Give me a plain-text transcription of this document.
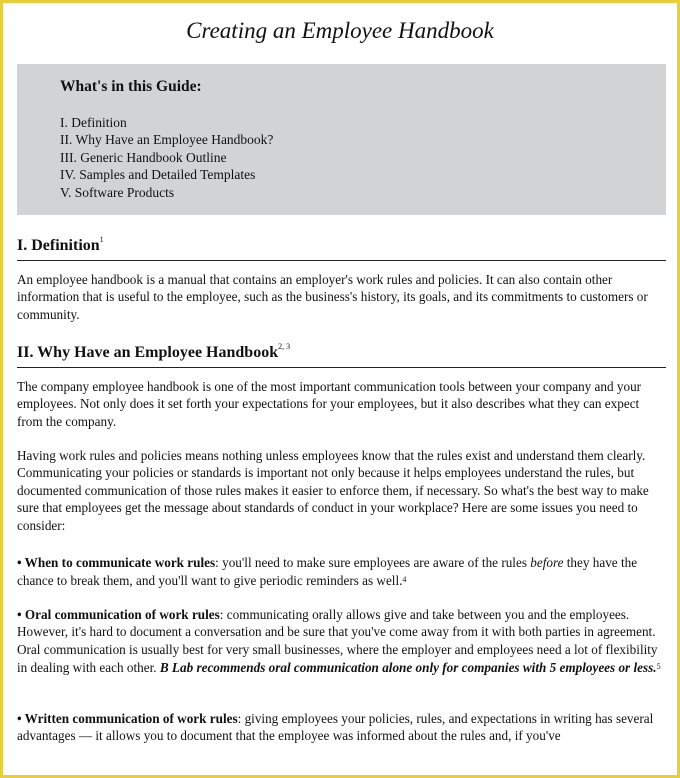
Creating an Employee Handbook
What's in this Guide:
I. Definition
II. Why Have an Employee Handbook?
III. Generic Handbook Outline
IV. Samples and Detailed Templates
V. Software Products
I. Definition$^1$

An employee handbook is a manual that contains an employer's work rules and policies. It can also contain other information that is useful to the employee, such as the business's history, its goals, and its commitments to customers or community.

II. Why Have an Employee Handbook$^{2, 3}$

The company employee handbook is one of the most important communication tools between your company and your employees. Not only does it set forth your expectations for your employees, but it also describes what they can expect from the company.

Having work rules and policies means nothing unless employees know that the rules exist and understand them clearly. Communicating your policies or standards is important not only because it helps employees understand the rules, but documented communication of those rules makes it easier to enforce them, if necessary. So what's the best way to make sure that employees get the message about standards of conduct in your workplace? Here are some issues you need to consider:

• When to communicate work rules: you'll need to make sure employees are aware of the rules before they have the chance to break them, and you'll want to give periodic reminders as well.$^4$

• Oral communication of work rules: communicating orally allows give and take between you and the employees. However, it's hard to document a conversation and be sure that you've come away from it with both parties in agreement. Oral communication is usually best for very small businesses, where the employer and employees need a lot of flexibility in dealing with each other. B Lab recommends oral communication alone only for companies with 5 employees or less.$^5$

• Written communication of work rules: giving employees your policies, rules, and expectations in writing has several advantages — it allows you to document that the employee was informed about the rules and, if you've
